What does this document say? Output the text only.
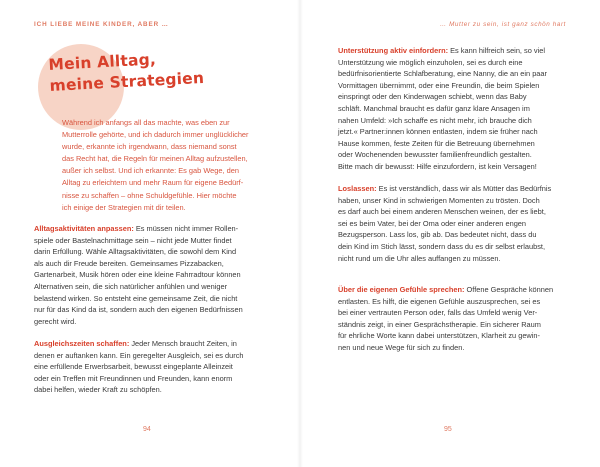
ICH LIEBE MEINE KINDER, ABER …
Mein Alltag,
meine Strategien

Während ich anfangs all das machte, was eben zur
Mutterrolle gehörte, und ich dadurch immer unglücklicher
wurde, erkannte ich irgendwann, dass niemand sonst
das Recht hat, die Regeln für meinen Alltag aufzustellen,
außer ich selbst. Und ich erkannte: Es gab Wege, den
Alltag zu erleichtern und mehr Raum für eigene Bedürf-
nisse zu schaffen – ohne Schuldgefühle. Hier möchte
ich einige der Strategien mit dir teilen.

Alltagsaktivitäten anpassen: Es müssen nicht immer Rollen-
spiele oder Bastelnachmittage sein – nicht jede Mutter findet
darin Erfüllung. Wähle Alltagsaktivitäten, die sowohl dem Kind
als auch dir Freude bereiten. Gemeinsames Pizzabacken,
Gartenarbeit, Musik hören oder eine kleine Fahrradtour können
Alternativen sein, die sich natürlicher anfühlen und weniger
belastend wirken. So entsteht eine gemeinsame Zeit, die nicht
nur für das Kind da ist, sondern auch den eigenen Bedürfnissen
gerecht wird.

Ausgleichszeiten schaffen: Jeder Mensch braucht Zeiten, in
denen er auftanken kann. Ein geregelter Ausgleich, sei es durch
eine erfüllende Erwerbsarbeit, bewusst eingeplante Alleinzeit
oder ein Treffen mit Freundinnen und Freunden, kann enorm
dabei helfen, wieder Kraft zu schöpfen.

94
… Mutter zu sein, ist ganz schön hart

Unterstützung aktiv einfordern: Es kann hilfreich sein, so viel
Unterstützung wie möglich einzuholen, sei es durch eine
bedürfnisorientierte Schlafberatung, eine Nanny, die an ein paar
Vormittagen übernimmt, oder eine Freundin, die beim Spielen
einspringt oder den Kinderwagen schiebt, wenn das Baby
schläft. Manchmal braucht es dafür ganz klare Ansagen im
nahen Umfeld: »Ich schaffe es nicht mehr, ich brauche dich
jetzt.« Partner:innen können entlasten, indem sie früher nach
Hause kommen, feste Zeiten für die Betreuung übernehmen
oder Wochenenden bewusster familienfreundlich gestalten.
Bitte mach dir bewusst: Hilfe einzufordern, ist kein Versagen!

Loslassen: Es ist verständlich, dass wir als Mütter das Bedürfnis
haben, unser Kind in schwierigen Momenten zu trösten. Doch
es darf auch bei einem anderen Menschen weinen, der es liebt,
sei es beim Vater, bei der Oma oder einer anderen engen
Bezugsperson. Lass los, gib ab. Das bedeutet nicht, dass du
dein Kind im Stich lässt, sondern dass du es dir selbst erlaubst,
nicht rund um die Uhr alles auffangen zu müssen.

Über die eigenen Gefühle sprechen: Offene Gespräche können
entlasten. Es hilft, die eigenen Gefühle auszusprechen, sei es
bei einer vertrauten Person oder, falls das Umfeld wenig Ver-
ständnis zeigt, in einer Gesprächstherapie. Ein sicherer Raum
für ehrliche Worte kann dabei unterstützen, Klarheit zu gewin-
nen und neue Wege für sich zu finden.

95
